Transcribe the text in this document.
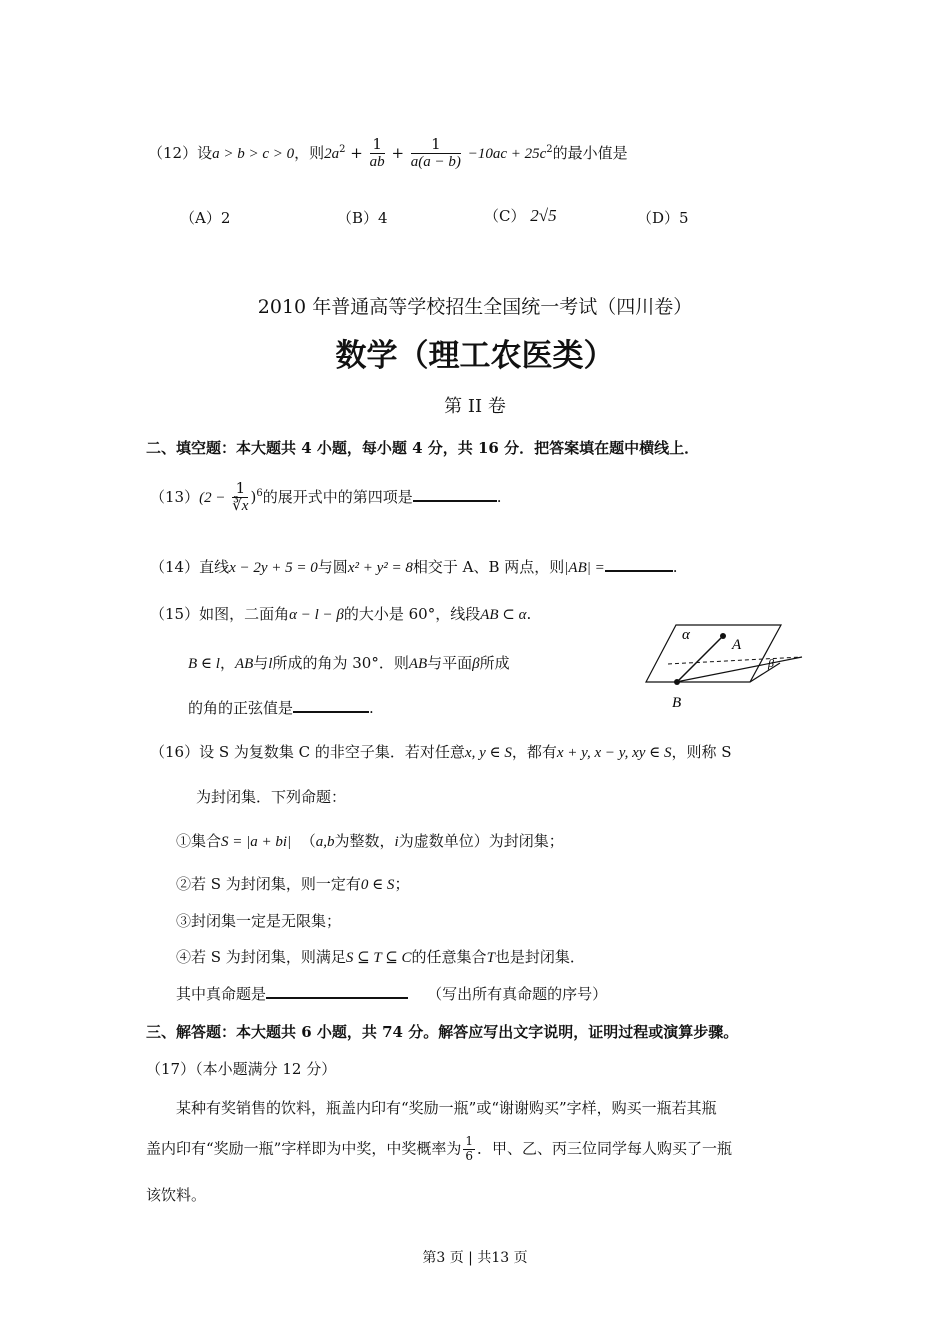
（12）设a > b > c > 0，则$2a^2 + \frac{1}{ab} + \frac{1}{a(a - b)} -10ac + 25c^2$的最小值是
（A）2	（B）4	（C） 2√5	（D）5
2010 年普通高等学校招生全国统一考试（四川卷）
数学（理工农医类）
第 II 卷
二、填空题：本大题共 4 小题，每小题 4 分，共 16 分．把答案填在题中横线上．
$(13)(2 - \frac{1}{∛x} )^6$的展开式中的第四项是	.
（14）直线x − 2y + 5 = 0与圆x² + y² = 8相交于 A、B 两点，则|AB| =	.
（15）如图，二面角α − l − β的大小是 60°，线段AB ⊂ α.
B ∈ l，AB与l所成的角为 30°．则AB与平面β所成
的角的正弦值是	.
α
A
β
B
（16）设 S 为复数集 C 的非空子集．若对任意x, y ∈ S，都有x + y, x − y, xy ∈ S，则称 S
为封闭集．下列命题：
①集合S = |a + bi| （a,b为整数，i为虚数单位）为封闭集；
②若 S 为封闭集，则一定有0 ∈ S；
③封闭集一定是无限集；
④若 S 为封闭集，则满足S ⊆ T ⊆ C的任意集合T也是封闭集．
其中真命题是	（写出所有真命题的序号）
三、解答题：本大题共 6 小题，共 74 分。解答应写出文字说明，证明过程或演算步骤。
（17）（本小题满分 12 分）
某种有奖销售的饮料，瓶盖内印有“奖励一瓶”或“谢谢购买”字样，购买一瓶若其瓶
盖内印有“奖励一瓶”字样即为中奖，中奖概率为 $\frac{1}{6}$ ．甲、乙、丙三位同学每人购买了一瓶
该饮料。
第3 页 | 共13 页
